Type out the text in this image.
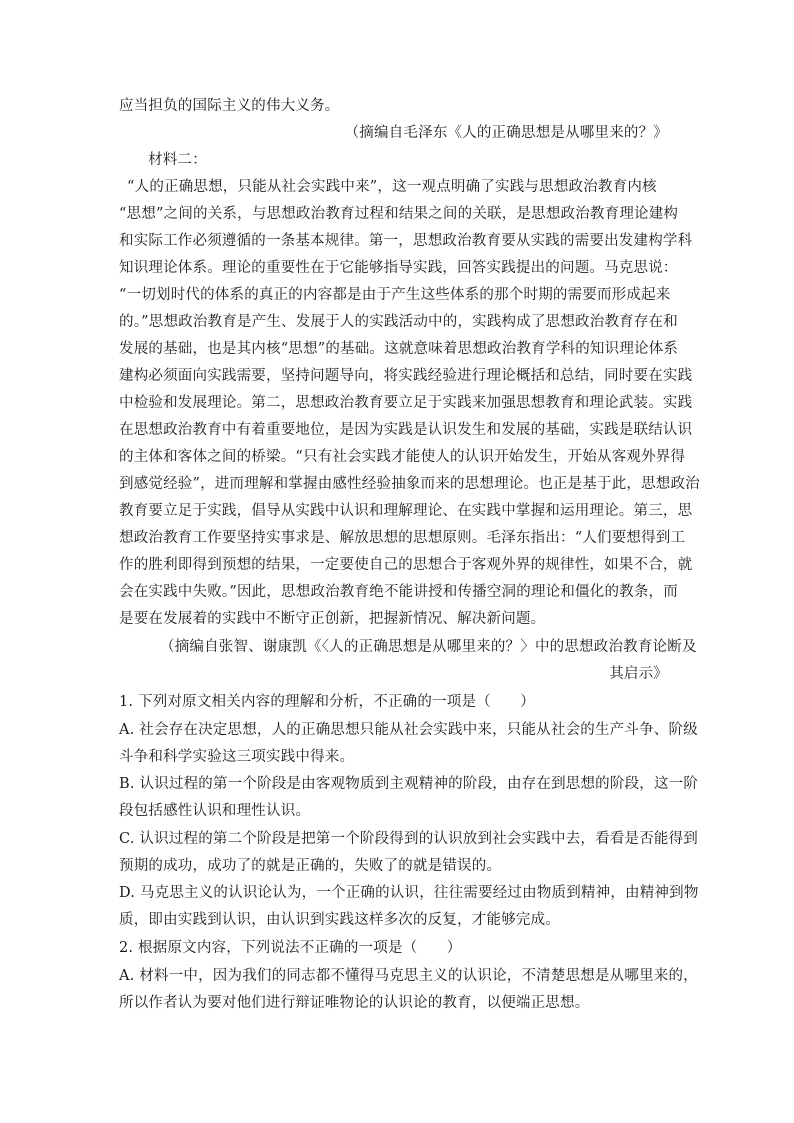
应当担负的国际主义的伟大义务。
（摘编自毛泽东《人的正确思想是从哪里来的？》
材料二：
“人的正确思想，只能从社会实践中来”，这一观点明确了实践与思想政治教育内核
“思想”之间的关系，与思想政治教育过程和结果之间的关联，是思想政治教育理论建构
和实际工作必须遵循的一条基本规律。第一，思想政治教育要从实践的需要出发建构学科
知识理论体系。理论的重要性在于它能够指导实践，回答实践提出的问题。马克思说：
“一切划时代的体系的真正的内容都是由于产生这些体系的那个时期的需要而形成起来
的。”思想政治教育是产生、发展于人的实践活动中的，实践构成了思想政治教育存在和
发展的基础，也是其内核“思想”的基础。这就意味着思想政治教育学科的知识理论体系
建构必须面向实践需要，坚持问题导向，将实践经验进行理论概括和总结，同时要在实践
中检验和发展理论。第二，思想政治教育要立足于实践来加强思想教育和理论武装。实践
在思想政治教育中有着重要地位，是因为实践是认识发生和发展的基础，实践是联结认识
的主体和客体之间的桥梁。“只有社会实践才能使人的认识开始发生，开始从客观外界得
到感觉经验”，进而理解和掌握由感性经验抽象而来的思想理论。也正是基于此，思想政治
教育要立足于实践，倡导从实践中认识和理解理论、在实践中掌握和运用理论。第三，思
想政治教育工作要坚持实事求是、解放思想的思想原则。毛泽东指出：“人们要想得到工
作的胜利即得到预想的结果，一定要使自己的思想合于客观外界的规律性，如果不合，就
会在实践中失败。”因此，思想政治教育绝不能讲授和传播空洞的理论和僵化的教条，而
是要在发展着的实践中不断守正创新，把握新情况、解决新问题。
（摘编自张智、谢康凯《〈人的正确思想是从哪里来的？〉中的思想政治教育论断及
其启示》
1. 下列对原文相关内容的理解和分析，不正确的一项是（　　）
A. 社会存在决定思想，人的正确思想只能从社会实践中来，只能从社会的生产斗争、阶级
斗争和科学实验这三项实践中得来。
B. 认识过程的第一个阶段是由客观物质到主观精神的阶段，由存在到思想的阶段，这一阶
段包括感性认识和理性认识。
C. 认识过程的第二个阶段是把第一个阶段得到的认识放到社会实践中去，看看是否能得到
预期的成功，成功了的就是正确的，失败了的就是错误的。
D. 马克思主义的认识论认为，一个正确的认识，往往需要经过由物质到精神，由精神到物
质，即由实践到认识，由认识到实践这样多次的反复，才能够完成。
2. 根据原文内容，下列说法不正确的一项是（　　）
A. 材料一中，因为我们的同志都不懂得马克思主义的认识论，不清楚思想是从哪里来的，
所以作者认为要对他们进行辩证唯物论的认识论的教育，以便端正思想。
